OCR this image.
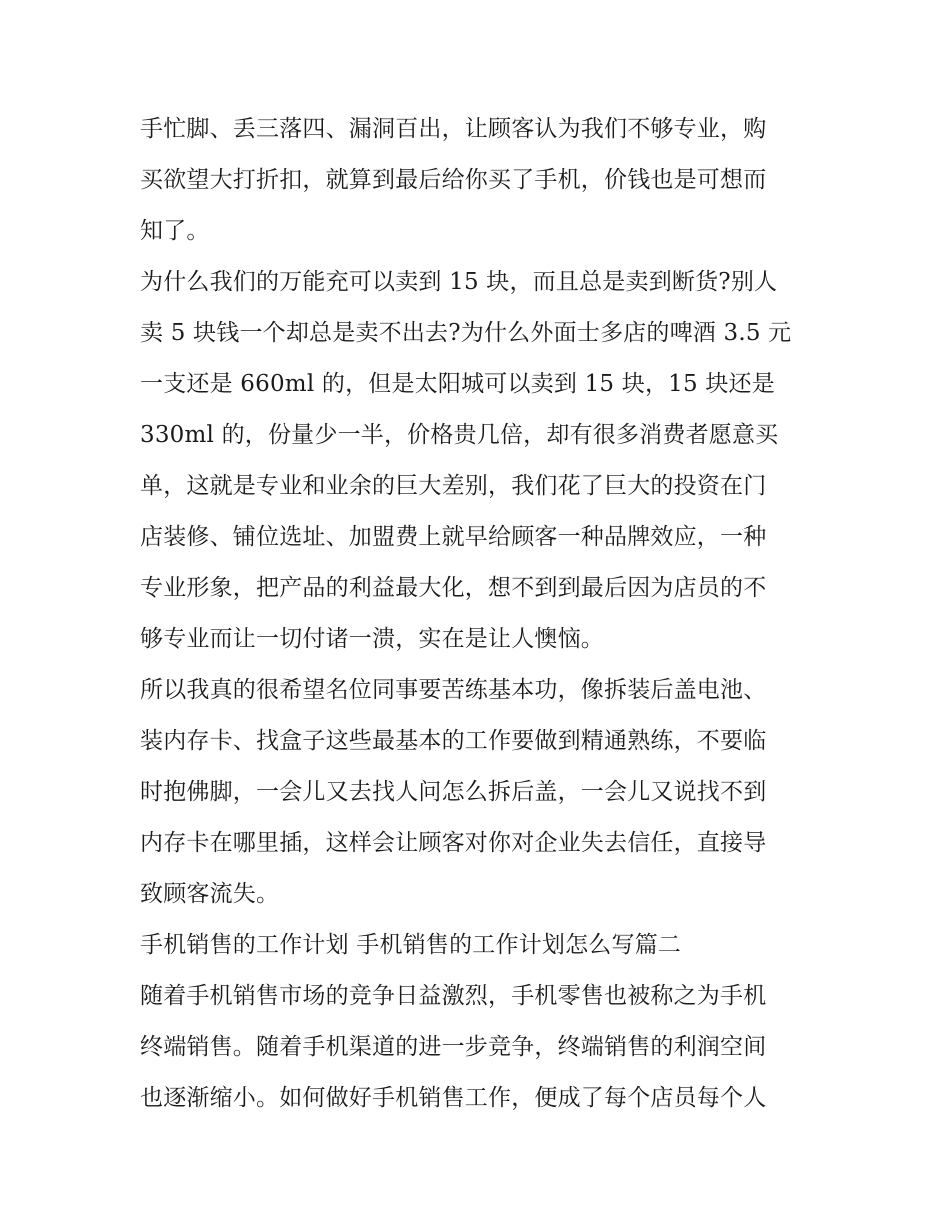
手忙脚、丢三落四、漏洞百出，让顾客认为我们不够专业，购
买欲望大打折扣，就算到最后给你买了手机，价钱也是可想而
知了。
为什么我们的万能充可以卖到 15 块，而且总是卖到断货?别人
卖 5 块钱一个却总是卖不出去?为什么外面士多店的啤酒 3.5 元
一支还是 660ml 的，但是太阳城可以卖到 15 块，15 块还是
330ml 的，份量少一半，价格贵几倍，却有很多消费者愿意买
单，这就是专业和业余的巨大差别，我们花了巨大的投资在门
店装修、铺位选址、加盟费上就早给顾客一种品牌效应，一种
专业形象，把产品的利益最大化，想不到到最后因为店员的不
够专业而让一切付诸一溃，实在是让人懊恼。
所以我真的很希望名位同事要苦练基本功，像拆装后盖电池、
装内存卡、找盒子这些最基本的工作要做到精通熟练，不要临
时抱佛脚，一会儿又去找人问怎么拆后盖，一会儿又说找不到
内存卡在哪里插，这样会让顾客对你对企业失去信任，直接导
致顾客流失。
手机销售的工作计划 手机销售的工作计划怎么写篇二
随着手机销售市场的竞争日益激烈，手机零售也被称之为手机
终端销售。随着手机渠道的进一步竞争，终端销售的利润空间
也逐渐缩小。如何做好手机销售工作，便成了每个店员每个人
